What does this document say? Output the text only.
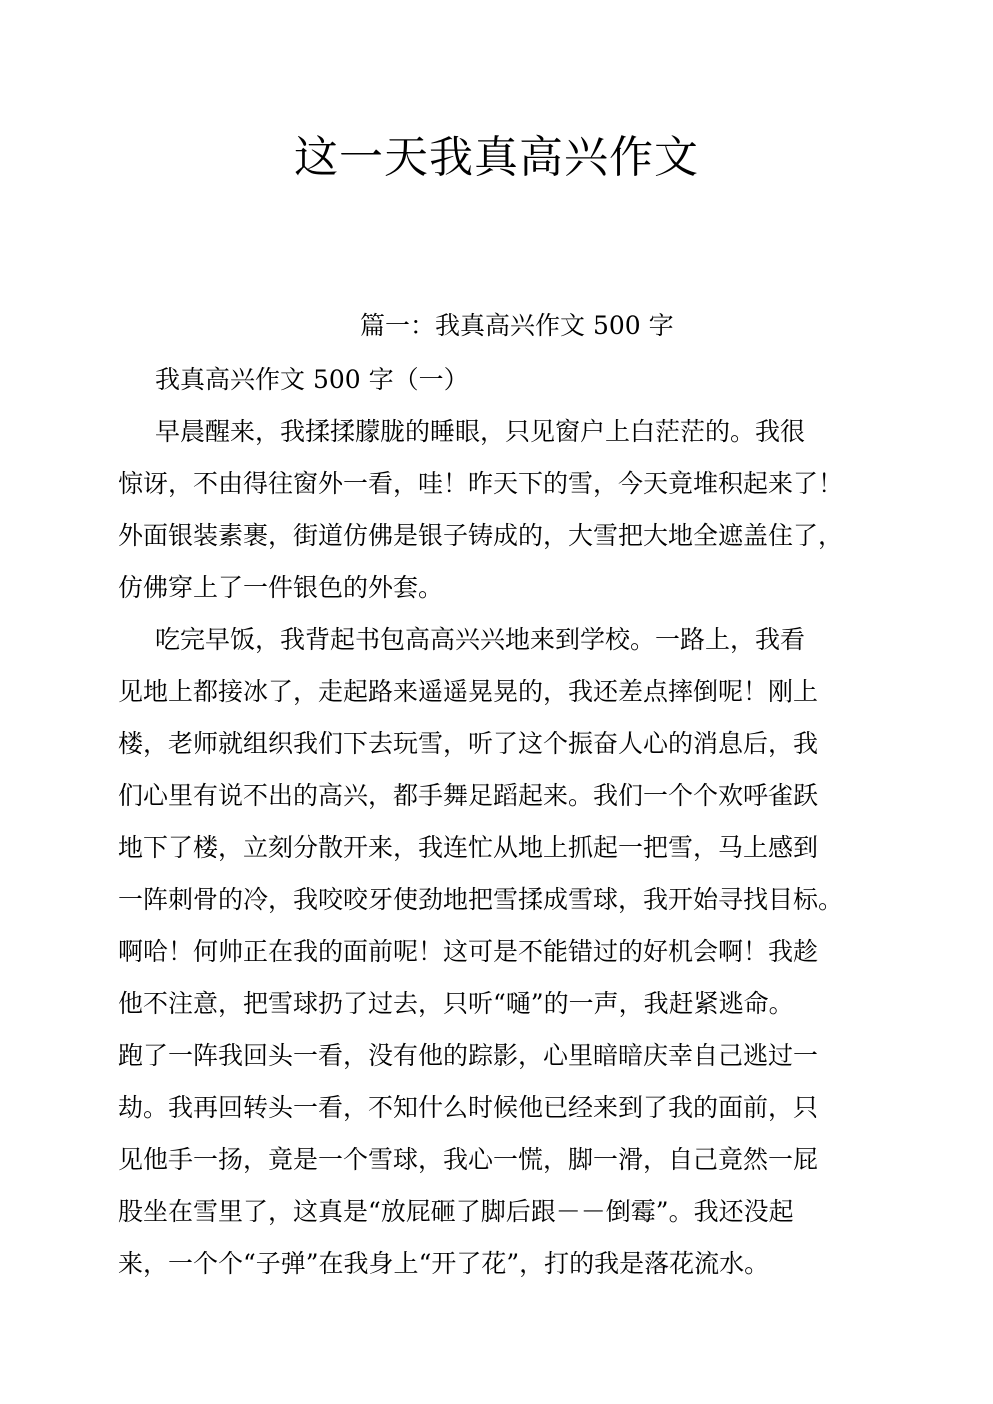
这一天我真高兴作文
篇一：我真高兴作文 500 字
我真高兴作文 500 字（一）

早晨醒来，我揉揉朦胧的睡眼，只见窗户上白茫茫的。我很

惊讶，不由得往窗外一看，哇！昨天下的雪，今天竟堆积起来了！

外面银装素裹，街道仿佛是银子铸成的，大雪把大地全遮盖住了，

仿佛穿上了一件银色的外套。

吃完早饭，我背起书包高高兴兴地来到学校。一路上，我看

见地上都接冰了，走起路来遥遥晃晃的，我还差点摔倒呢！刚上

楼，老师就组织我们下去玩雪，听了这个振奋人心的消息后，我

们心里有说不出的高兴，都手舞足蹈起来。我们一个个欢呼雀跃

地下了楼，立刻分散开来，我连忙从地上抓起一把雪，马上感到

一阵刺骨的冷，我咬咬牙使劲地把雪揉成雪球，我开始寻找目标。

啊哈！何帅正在我的面前呢！这可是不能错过的好机会啊！我趁

他不注意，把雪球扔了过去，只听“嗵”的一声，我赶紧逃命。

跑了一阵我回头一看，没有他的踪影，心里暗暗庆幸自己逃过一

劫。我再回转头一看，不知什么时候他已经来到了我的面前，只

见他手一扬，竟是一个雪球，我心一慌，脚一滑，自己竟然一屁

股坐在雪里了，这真是“放屁砸了脚后跟－－倒霉”。我还没起

来，一个个“子弹”在我身上“开了花”，打的我是落花流水。
